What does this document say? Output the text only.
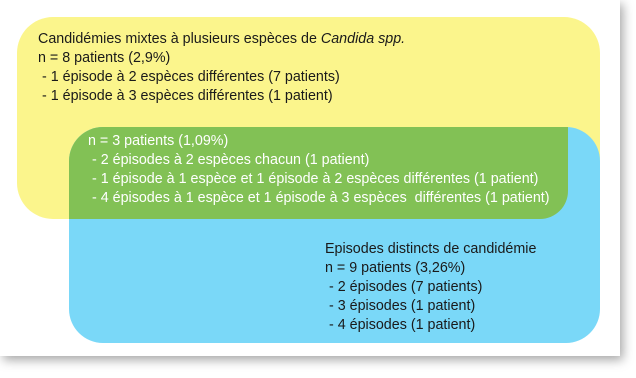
Candidémies mixtes à plusieurs espèces de Candida spp.
n = 8 patients (2,9%)
- 1 épisode à 2 espèces différentes (7 patients)
- 1 épisode à 3 espèces différentes (1 patient)
n = 3 patients (1,09%)
- 2 épisodes à 2 espèces chacun (1 patient)
- 1 épisode à 1 espèce et 1 épisode à 2 espèces différentes (1 patient)
- 4 épisodes à 1 espèce et 1 épisode à 3 espèces  différentes (1 patient)
Episodes distincts de candidémie
n = 9 patients (3,26%)
- 2 épisodes (7 patients)
- 3 épisodes (1 patient)
- 4 épisodes (1 patient)
